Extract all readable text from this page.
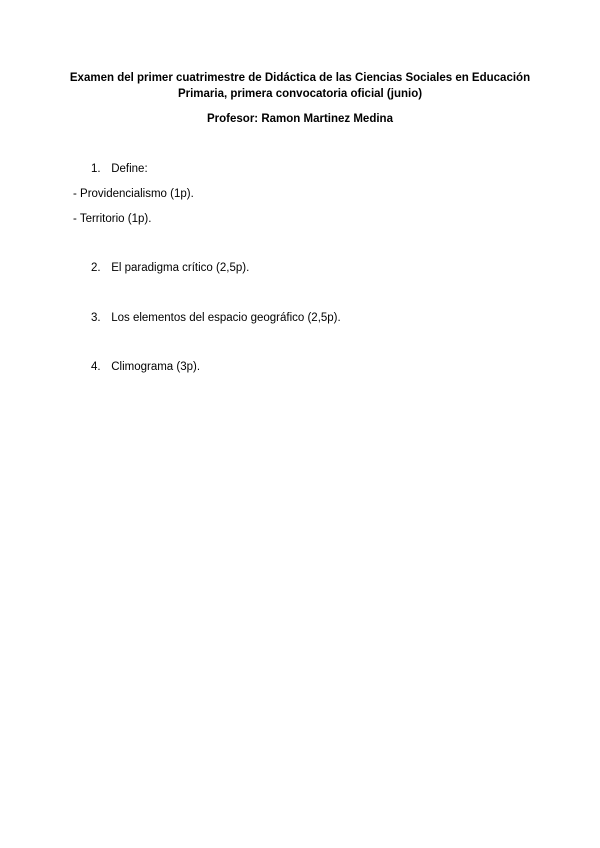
Examen del primer cuatrimestre de Didáctica de las Ciencias Sociales en Educación Primaria, primera convocatoria oficial (junio)
Profesor: Ramon Martinez Medina
1. Define:
- Providencialismo (1p).
- Territorio (1p).
2. El paradigma crítico (2,5p).
3. Los elementos del espacio geográfico (2,5p).
4. Climograma (3p).
